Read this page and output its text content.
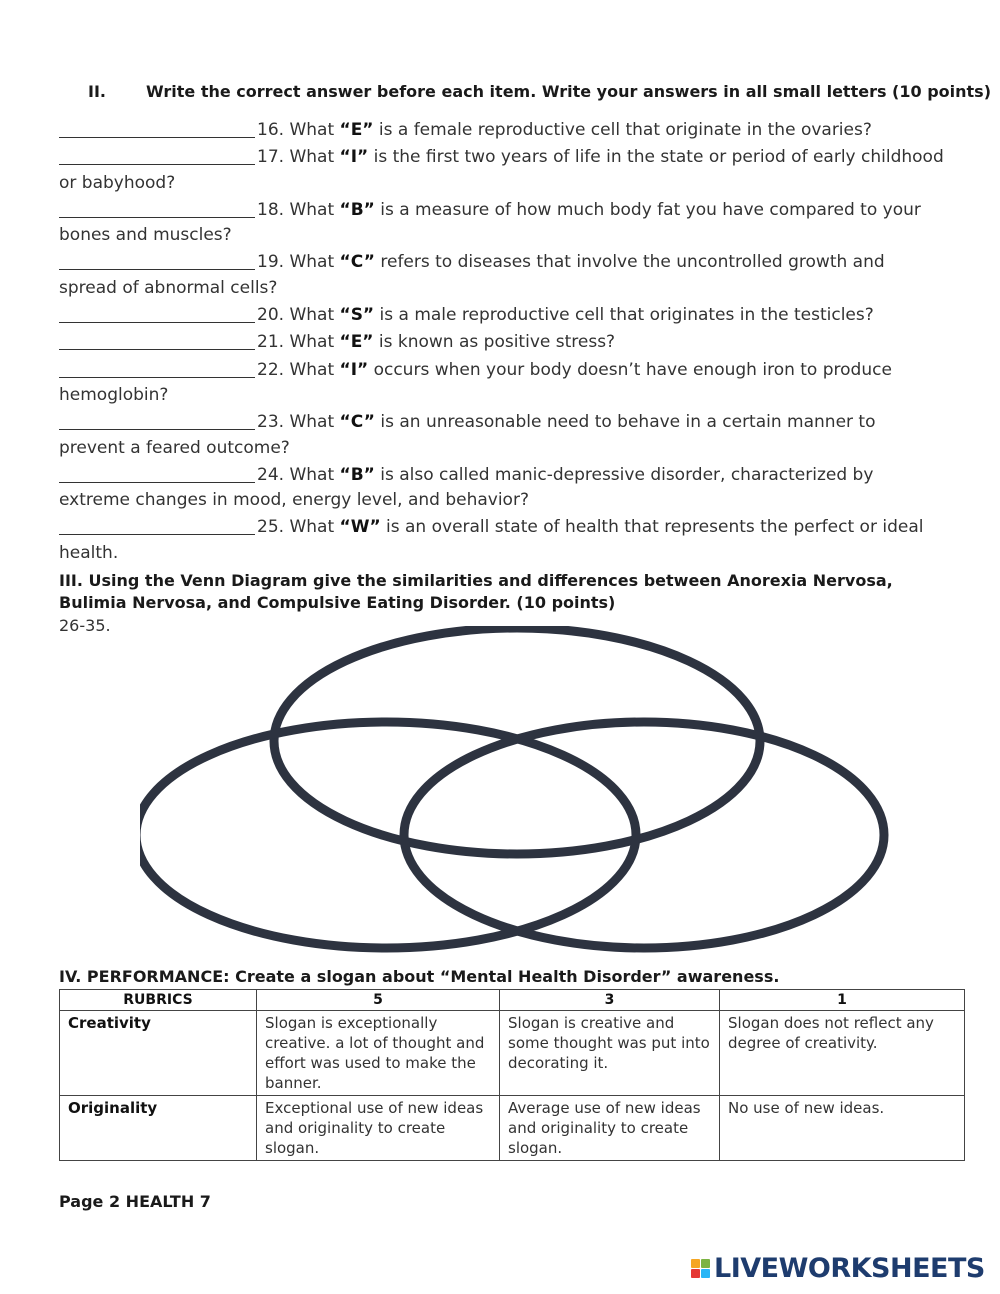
II.	Write the correct answer before each item. Write your answers in all small letters (10 points)

16. What “E” is a female reproductive cell that originate in the ovaries?

17. What “I” is the first two years of life in the state or period of early childhood or babyhood?

18. What “B” is a measure of how much body fat you have compared to your bones and muscles?

19. What “C” refers to diseases that involve the uncontrolled growth and spread of abnormal cells?

20. What “S” is a male reproductive cell that originates in the testicles?

21. What “E” is known as positive stress?

22. What “I” occurs when your body doesn’t have enough iron to produce hemoglobin?

23. What “C” is an unreasonable need to behave in a certain manner to prevent a feared outcome?

24. What “B” is also called manic-depressive disorder, characterized by extreme changes in mood, energy level, and behavior?

25. What “W” is an overall state of health that represents the perfect or ideal health.

III. Using the Venn Diagram give the similarities and differences between Anorexia Nervosa, Bulimia Nervosa, and Compulsive Eating Disorder. (10 points)
26-35.
IV. PERFORMANCE: Create a slogan about “Mental Health Disorder” awareness.
RUBRICS	5	3	1
Creativity	Slogan is exceptionally creative. a lot of thought and effort was used to make the banner.	Slogan is creative and some thought was put into decorating it.	Slogan does not reflect any degree of creativity.
Originality	Exceptional use of new ideas and originality to create slogan.	Average use of new ideas and originality to create slogan.	No use of new ideas.
Page 2 HEALTH 7
LIVEWORKSHEETS
